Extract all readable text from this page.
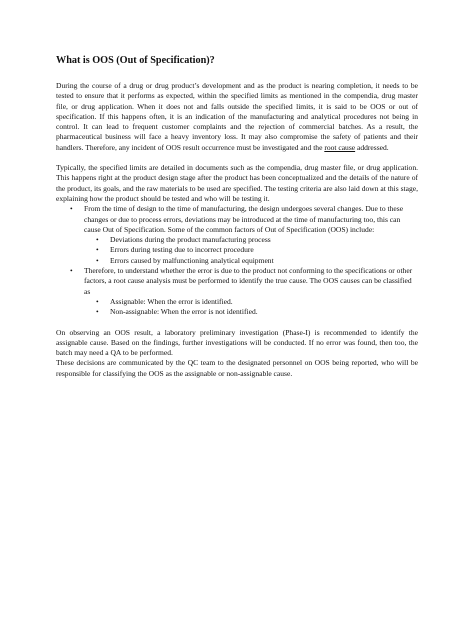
What is OOS (Out of Specification)?

During the course of a drug or drug product’s development and as the product is nearing completion, it needs to be tested to ensure that it performs as expected, within the specified limits as mentioned in the compendia, drug master file, or drug application. When it does not and falls outside the specified limits, it is said to be OOS or out of specification. If this happens often, it is an indication of the manufacturing and analytical procedures not being in control. It can lead to frequent customer complaints and the rejection of commercial batches. As a result, the pharmaceutical business will face a heavy inventory loss. It may also compromise the safety of patients and their handlers. Therefore, any incident of OOS result occurrence must be investigated and the root cause addressed.

Typically, the specified limits are detailed in documents such as the compendia, drug master file, or drug application. This happens right at the product design stage after the product has been conceptualized and the details of the nature of the product, its goals, and the raw materials to be used are specified. The testing criteria are also laid down at this stage, explaining how the product should be tested and who will be testing it.

• From the time of design to the time of manufacturing, the design undergoes several changes. Due to these changes or due to process errors, deviations may be introduced at the time of manufacturing too, this can cause Out of Specification. Some of the common factors of Out of Specification (OOS) include:
• Deviations during the product manufacturing process
• Errors during testing due to incorrect procedure
• Errors caused by malfunctioning analytical equipment
• Therefore, to understand whether the error is due to the product not conforming to the specifications or other factors, a root cause analysis must be performed to identify the true cause. The OOS causes can be classified as
• Assignable: When the error is identified.
• Non-assignable: When the error is not identified.

On observing an OOS result, a laboratory preliminary investigation (Phase-I) is recommended to identify the assignable cause. Based on the findings, further investigations will be conducted. If no error was found, then too, the batch may need a QA to be performed.

These decisions are communicated by the QC team to the designated personnel on OOS being reported, who will be responsible for classifying the OOS as the assignable or non-assignable cause.
